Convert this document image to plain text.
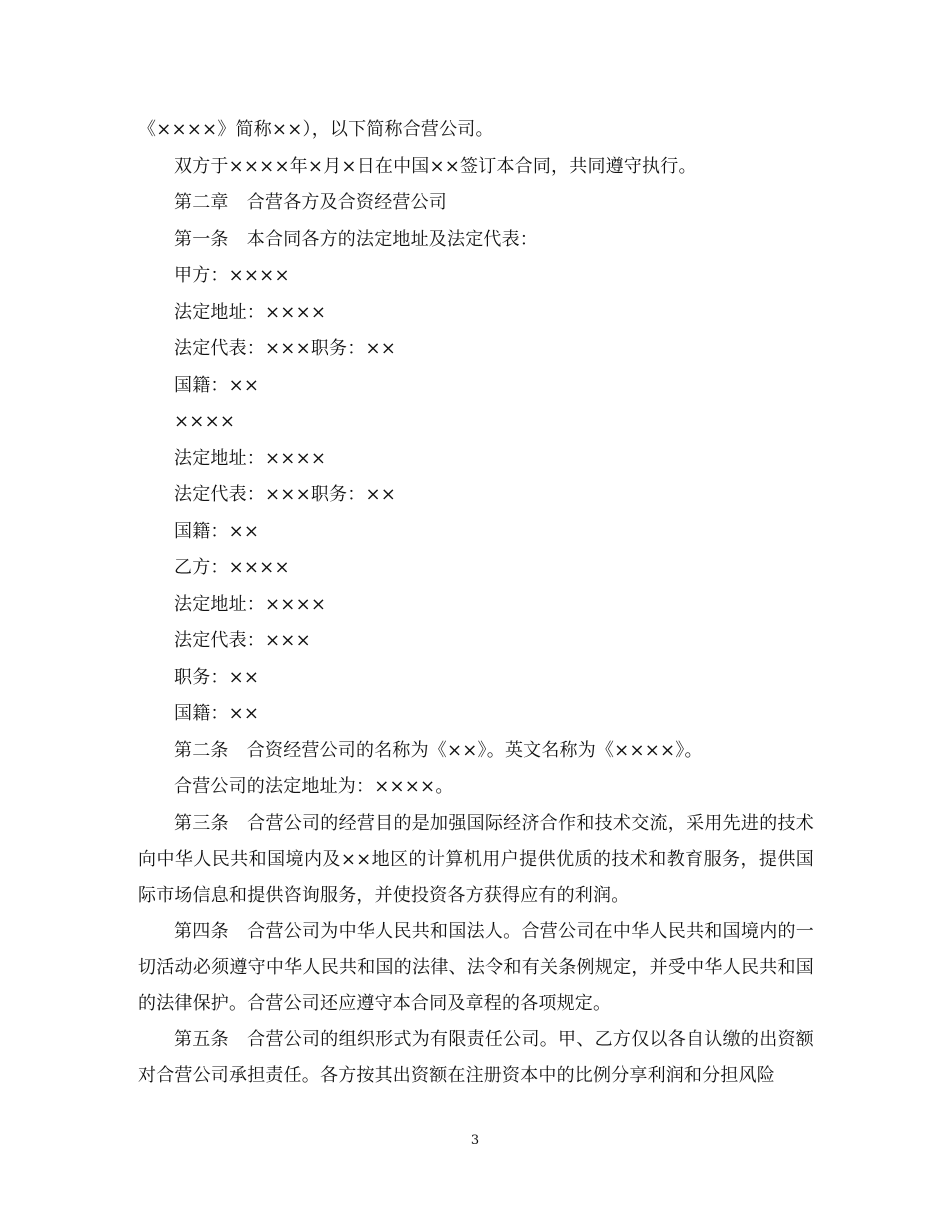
《××××》简称××），以下简称合营公司。

双方于××××年×月×日在中国××签订本合同，共同遵守执行。

第二章　合营各方及合资经营公司

第一条　本合同各方的法定地址及法定代表：

甲方：××××

法定地址：××××

法定代表：×××职务：××

国籍：××

××××

法定地址：××××

法定代表：×××职务：××

国籍：××

乙方：××××

法定地址：××××

法定代表：×××

职务：××

国籍：××

第二条　合资经营公司的名称为《××》。英文名称为《××××》。

合营公司的法定地址为：××××。

第三条　合营公司的经营目的是加强国际经济合作和技术交流，采用先进的技术向中华人民共和国境内及××地区的计算机用户提供优质的技术和教育服务，提供国际市场信息和提供咨询服务，并使投资各方获得应有的利润。

第四条　合营公司为中华人民共和国法人。合营公司在中华人民共和国境内的一切活动必须遵守中华人民共和国的法律、法令和有关条例规定，并受中华人民共和国的法律保护。合营公司还应遵守本合同及章程的各项规定。

第五条　合营公司的组织形式为有限责任公司。甲、乙方仅以各自认缴的出资额对合营公司承担责任。各方按其出资额在注册资本中的比例分享利润和分担风险

3
